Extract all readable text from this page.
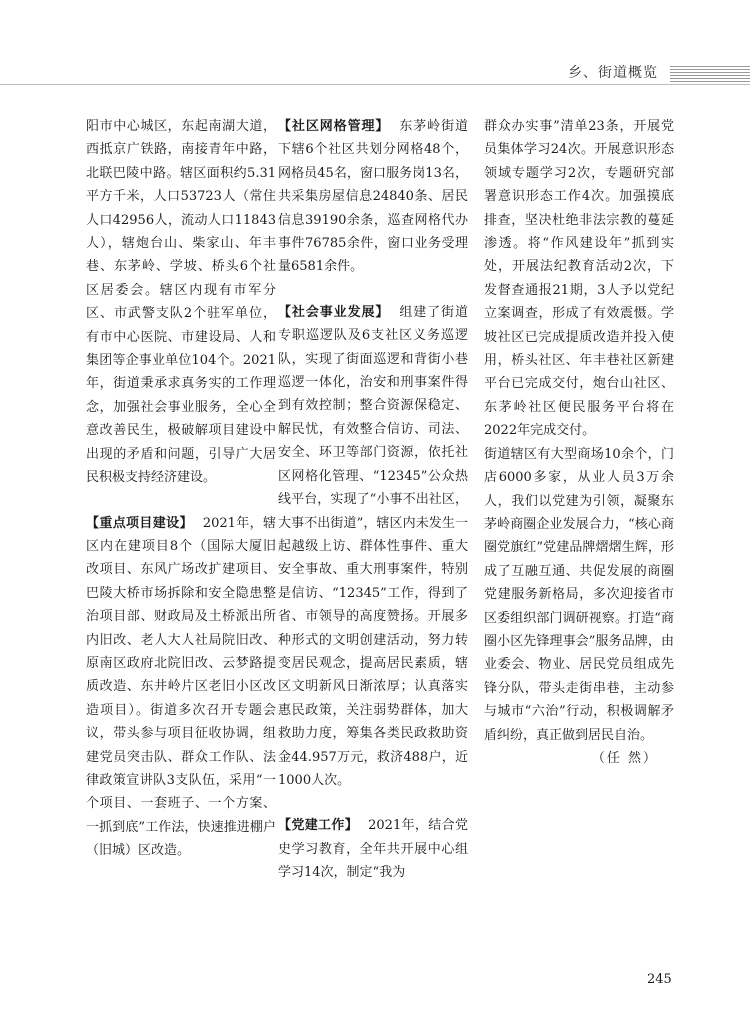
乡、街道概览

阳市中心城区，东起南湖大道，西抵京广铁路，南接青年中路，北联巴陵中路。辖区面积约5.31平方千米，人口53723人（常住人口42956人，流动人口11843人），辖炮台山、柴家山、年丰巷、东茅岭、学坡、桥头6个社区居委会。辖区内现有市军分区、市武警支队2个驻军单位，有市中心医院、市建设局、人和集团等企事业单位104个。2021年，街道秉承求真务实的工作理念，加强社会事业服务，全心全意改善民生，极破解项目建设中出现的矛盾和问题，引导广大居民积极支持经济建设。

【重点项目建设】 2021年，辖区内在建项目8个（国际大厦旧改项目、东风广场改扩建项目、巴陵大桥市场拆除和安全隐患整治项目部、财政局及土桥派出所内旧改、老人大人社局院旧改、原南区政府北院旧改、云梦路提质改造、东井岭片区老旧小区改造项目）。街道多次召开专题会议，带头参与项目征收协调，组建党员突击队、群众工作队、法律政策宣讲队3支队伍，采用“一个项目、一套班子、一个方案、一抓到底”工作法，快速推进棚户（旧城）区改造。

【社区网格管理】 东茅岭街道下辖6个社区共划分网格48个，网格员45名，窗口服务岗13名，共采集房屋信息24840条、居民信息39190余条，巡查网格代办事件76785余件，窗口业务受理量6581余件。

【社会事业发展】 组建了街道专职巡逻队及6支社区义务巡逻队，实现了街面巡逻和背街小巷巡逻一体化，治安和刑事案件得到有效控制；整合资源保稳定、解民忧，有效整合信访、司法、安全、环卫等部门资源，依托社区网格化管理、“12345”公众热线平台，实现了“小事不出社区，大事不出街道”，辖区内未发生一起越级上访、群体性事件、重大安全事故、重大刑事案件，特别是信访、“12345”工作，得到了省、市领导的高度赞扬。开展多种形式的文明创建活动，努力转变居民观念，提高居民素质，辖区文明新风日渐浓厚；认真落实惠民政策，关注弱势群体，加大救助力度，筹集各类民政救助资金44.957万元，救济488户，近1000人次。

【党建工作】 2021年，结合党史学习教育，全年共开展中心组学习14次，制定“我为

群众办实事”清单23条，开展党员集体学习24次。开展意识形态领域专题学习2次，专题研究部署意识形态工作4次。加强摸底排查，坚决杜绝非法宗教的蔓延渗透。将“作风建设年”抓到实处，开展法纪教育活动2次，下发督查通报21期，3人予以党纪立案调查，形成了有效震慑。学坡社区已完成提质改造并投入使用，桥头社区、年丰巷社区新建平台已完成交付，炮台山社区、东茅岭社区便民服务平台将在2022年完成交付。

街道辖区有大型商场10余个，门店6000多家，从业人员3万余人，我们以党建为引领，凝聚东茅岭商圈企业发展合力，“核心商圈党旗红”党建品牌熠熠生辉，形成了互融互通、共促发展的商圈党建服务新格局，多次迎接省市区委组织部门调研视察。打造“商圈小区先锋理事会”服务品牌，由业委会、物业、居民党员组成先锋分队，带头走街串巷，主动参与城市“六治”行动，积极调解矛盾纠纷，真正做到居民自治。

（任 然）

245
